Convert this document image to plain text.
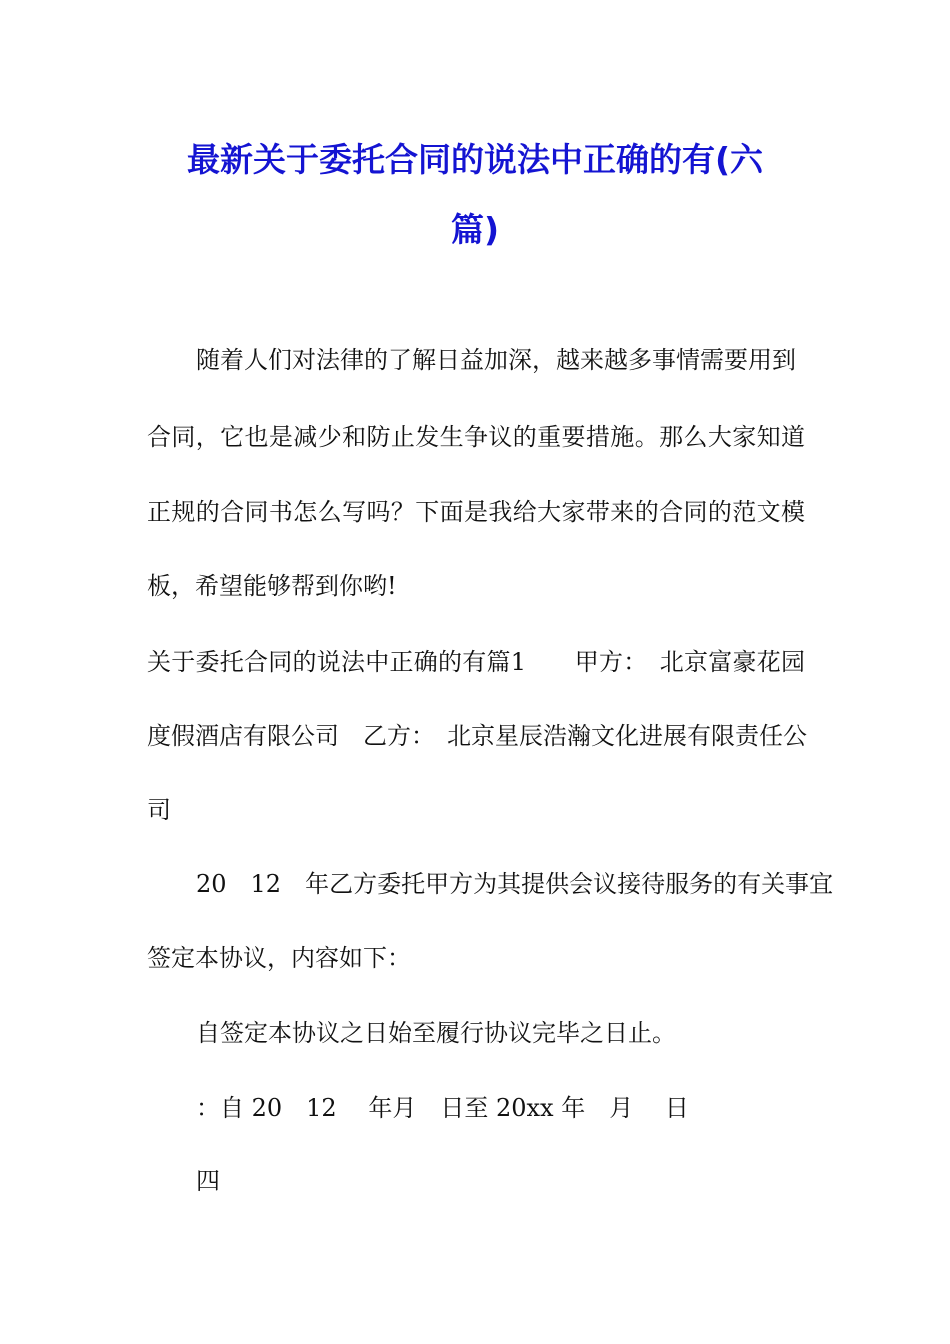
最新关于委托合同的说法中正确的有(六
篇)

随着人们对法律的了解日益加深，越来越多事情需要用到

合同，它也是减少和防止发生争议的重要措施。那么大家知道

正规的合同书怎么写吗？下面是我给大家带来的合同的范文模

板，希望能够帮到你哟!

关于委托合同的说法中正确的有篇1　　甲方：　北京富豪花园

度假酒店有限公司　乙方：　北京星辰浩瀚文化进展有限责任公

司

20　12　年乙方委托甲方为其提供会议接待服务的有关事宜

签定本协议，内容如下：

自签定本协议之日始至履行协议完毕之日止。

：自 20　12　 年月　日至 20xx 年　月　 日

四
